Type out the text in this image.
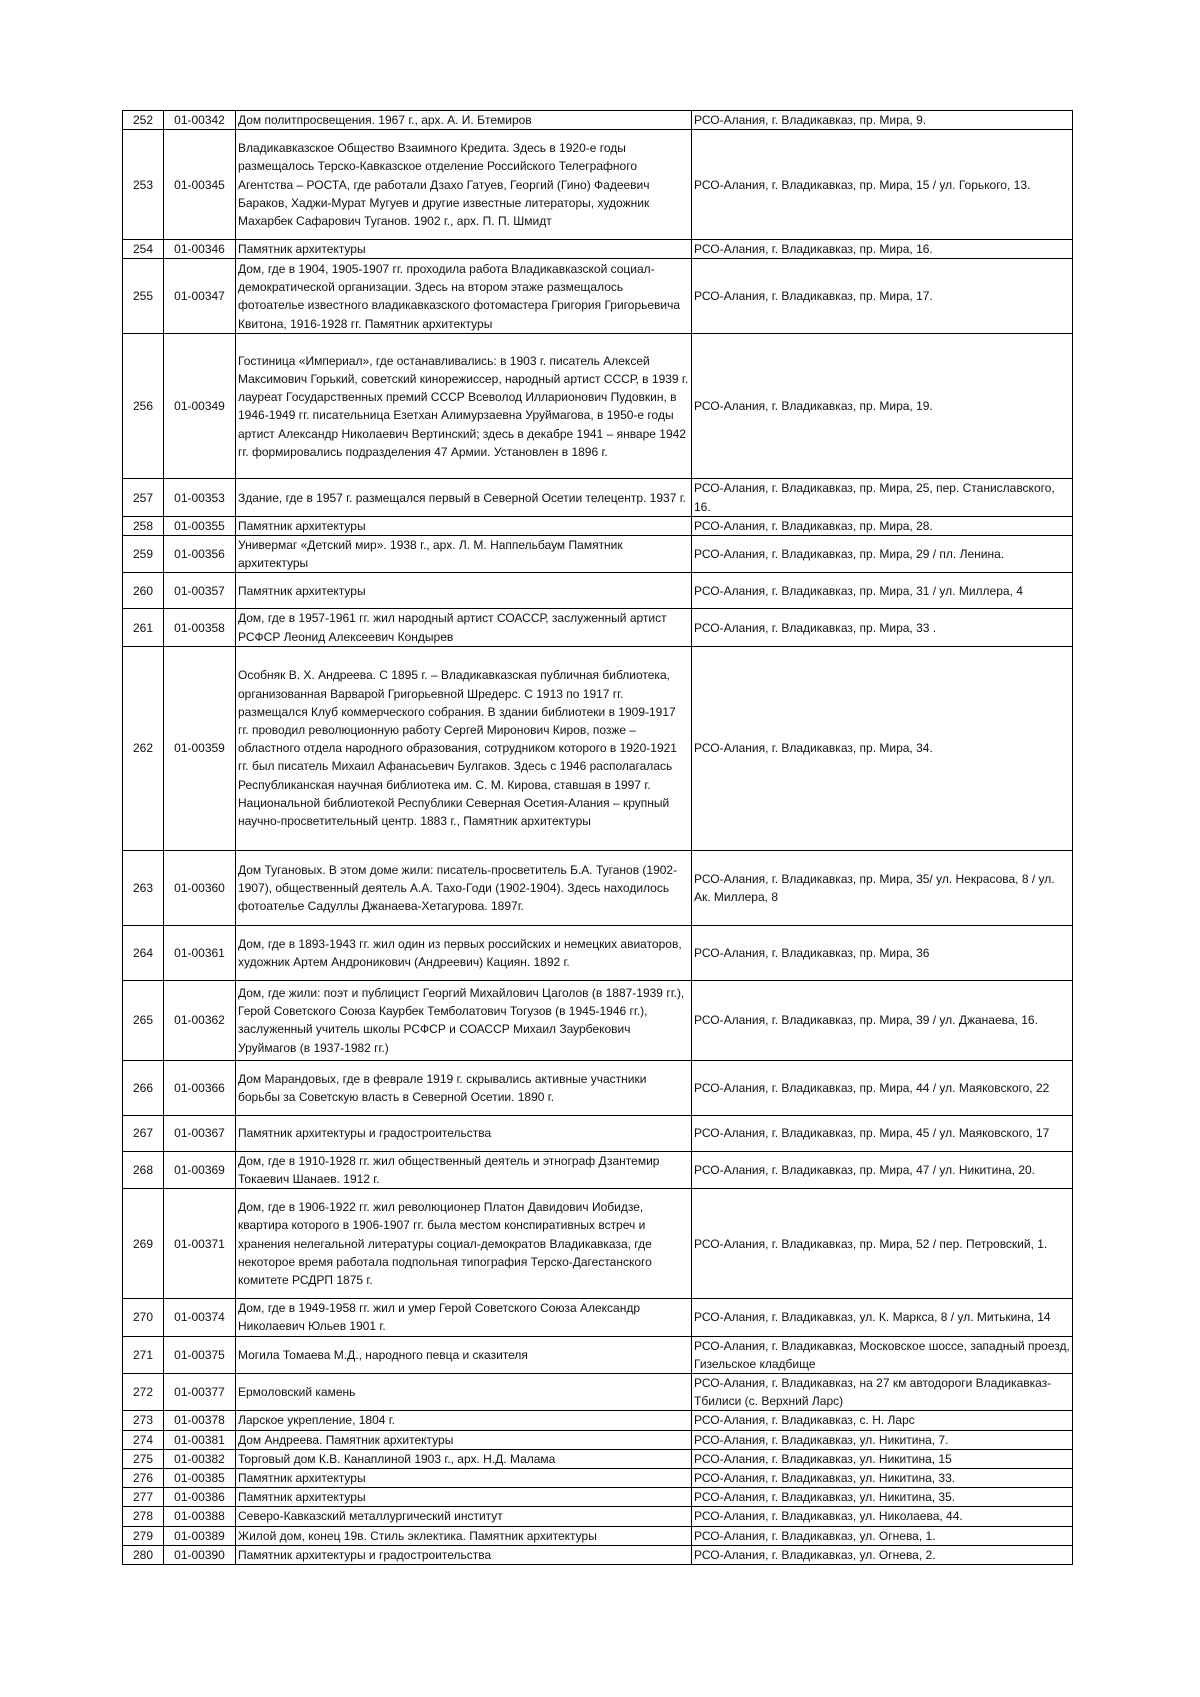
252	01-00342	Дом политпросвещения. 1967 г., арх. А. И. Бтемиров	РСО-Алания, г. Владикавказ, пр. Мира, 9.
253	01-00345	Владикавказское Общество Взаимного Кредита. Здесь в 1920-е годы размещалось Терско-Кавказское отделение Российского Телеграфного Агентства – РОСТА, где работали Дзахо Гатуев, Георгий (Гино) Фадеевич Бараков, Хаджи-Мурат Мугуев и другие известные литераторы, художник Махарбек Сафарович Туганов. 1902 г., арх. П. П. Шмидт	РСО-Алания, г. Владикавказ, пр. Мира, 15 / ул. Горького, 13.
254	01-00346	Памятник архитектуры	РСО-Алания, г. Владикавказ, пр. Мира, 16.
255	01-00347	Дом, где в 1904, 1905-1907 гг. проходила работа Владикавказской социал-демократической организации. Здесь на втором этаже размещалось фотоателье известного владикавказского фотомастера Григория Григорьевича Квитона, 1916-1928 гг. Памятник архитектуры	РСО-Алания, г. Владикавказ, пр. Мира, 17.
256	01-00349	Гостиница «Империал», где останавливались: в 1903 г. писатель Алексей Максимович Горький, советский кинорежиссер, народный артист СССР, в 1939 г. лауреат Государственных премий СССР Всеволод Илларионович Пудовкин, в 1946-1949 гг. писательница Езетхан Алимурзаевна Уруймагова, в 1950-е годы артист Александр Николаевич Вертинский; здесь в декабре 1941 – январе 1942 гг. формировались подразделения 47 Армии. Установлен в 1896 г.	РСО-Алания, г. Владикавказ, пр. Мира, 19.
257	01-00353	Здание, где в 1957 г. размещался первый в Северной Осетии телецентр. 1937 г.	РСО-Алания, г. Владикавказ, пр. Мира, 25, пер. Станиславского, 16.
258	01-00355	Памятник архитектуры	РСО-Алания, г. Владикавказ, пр. Мира, 28.
259	01-00356	Универмаг «Детский мир». 1938 г., арх. Л. М. Наппельбаум Памятник архитектуры	РСО-Алания, г. Владикавказ, пр. Мира, 29 / пл. Ленина.
260	01-00357	Памятник архитектуры	РСО-Алания, г. Владикавказ, пр. Мира, 31 / ул. Миллера, 4
261	01-00358	Дом, где в 1957-1961 гг. жил народный артист СОАССР, заслуженный артист РСФСР Леонид Алексеевич Кондырев	РСО-Алания, г. Владикавказ, пр. Мира, 33 .
262	01-00359	Особняк В. Х. Андреева. С 1895 г. – Владикавказская публичная библиотека, организованная Варварой Григорьевной Шредерс. С 1913 по 1917 гг. размещался Клуб коммерческого собрания. В здании библиотеки в 1909-1917 гг. проводил революционную работу Сергей Миронович Киров, позже – областного отдела народного образования, сотрудником которого в 1920-1921 гг. был писатель Михаил Афанасьевич Булгаков. Здесь с 1946 располагалась Республиканская научная библиотека им. С. М. Кирова, ставшая в 1997 г. Национальной библиотекой Республики Северная Осетия-Алания – крупный научно-просветительный центр. 1883 г., Памятник архитектуры	РСО-Алания, г. Владикавказ, пр. Мира, 34.
263	01-00360	Дом Тугановых. В этом доме жили: писатель-просветитель Б.А. Туганов (1902-1907), общественный деятель А.А. Тахо-Годи (1902-1904). Здесь находилось фотоателье Садуллы Джанаева-Хетагурова. 1897г.	РСО-Алания, г. Владикавказ, пр. Мира, 35/ ул. Некрасова, 8 / ул. Ак. Миллера, 8
264	01-00361	Дом, где в 1893-1943 гг. жил один из первых российских и немецких авиаторов, художник Артем Андроникович (Андреевич) Кациян. 1892 г.	РСО-Алания, г. Владикавказ, пр. Мира, 36
265	01-00362	Дом, где жили: поэт и публицист Георгий Михайлович Цаголов (в 1887-1939 гг.), Герой Советского Союза Каурбек Темболатович Тогузов (в 1945-1946 гг.), заслуженный учитель школы РСФСР и СОАССР Михаил Заурбекович Уруймагов (в 1937-1982 гг.)	РСО-Алания, г. Владикавказ, пр. Мира, 39 / ул. Джанаева, 16.
266	01-00366	Дом Марандовых, где в феврале 1919 г. скрывались активные участники борьбы за Советскую власть в Северной Осетии. 1890 г.	РСО-Алания, г. Владикавказ, пр. Мира, 44 / ул. Маяковского, 22
267	01-00367	Памятник архитектуры и градостроительства	РСО-Алания, г. Владикавказ, пр. Мира, 45 / ул. Маяковского, 17
268	01-00369	Дом, где в 1910-1928 гг. жил общественный деятель и этнограф Дзантемир Токаевич Шанаев. 1912 г.	РСО-Алания, г. Владикавказ, пр. Мира, 47 / ул. Никитина, 20.
269	01-00371	Дом, где в 1906-1922 гг. жил революционер Платон Давидович Иобидзе, квартира которого в 1906-1907 гг. была местом конспиративных встреч и хранения нелегальной литературы социал-демократов Владикавказа, где некоторое время работала подпольная типография Терско-Дагестанского комитете РСДРП 1875 г.	РСО-Алания, г. Владикавказ, пр. Мира, 52 / пер. Петровский, 1.
270	01-00374	Дом, где в 1949-1958 гг. жил и умер Герой Советского Союза Александр Николаевич Юльев 1901 г.	РСО-Алания, г. Владикавказ, ул. К. Маркса, 8 / ул. Митькина, 14
271	01-00375	Могила Томаева М.Д., народного певца и сказителя	РСО-Алания, г. Владикавказ, Московское шоссе, западный проезд, Гизельское кладбище
272	01-00377	Ермоловский камень	РСО-Алания, г. Владикавказ, на 27 км автодороги Владикавказ-Тбилиси (с. Верхний Ларс)
273	01-00378	Ларское укрепление, 1804 г.	РСО-Алания, г. Владикавказ, с. Н. Ларс
274	01-00381	Дом Андреева. Памятник архитектуры	РСО-Алания, г. Владикавказ, ул. Никитина, 7.
275	01-00382	Торговый дом К.В. Канаплиной 1903 г., арх. Н.Д. Малама	РСО-Алания, г. Владикавказ, ул. Никитина, 15
276	01-00385	Памятник архитектуры	РСО-Алания, г. Владикавказ, ул. Никитина, 33.
277	01-00386	Памятник архитектуры	РСО-Алания, г. Владикавказ, ул. Никитина, 35.
278	01-00388	Северо-Кавказский металлургический институт	РСО-Алания, г. Владикавказ, ул. Николаева, 44.
279	01-00389	Жилой дом, конец 19в. Стиль эклектика. Памятник архитектуры	РСО-Алания, г. Владикавказ, ул. Огнева, 1.
280	01-00390	Памятник архитектуры и градостроительства	РСО-Алания, г. Владикавказ, ул. Огнева, 2.
